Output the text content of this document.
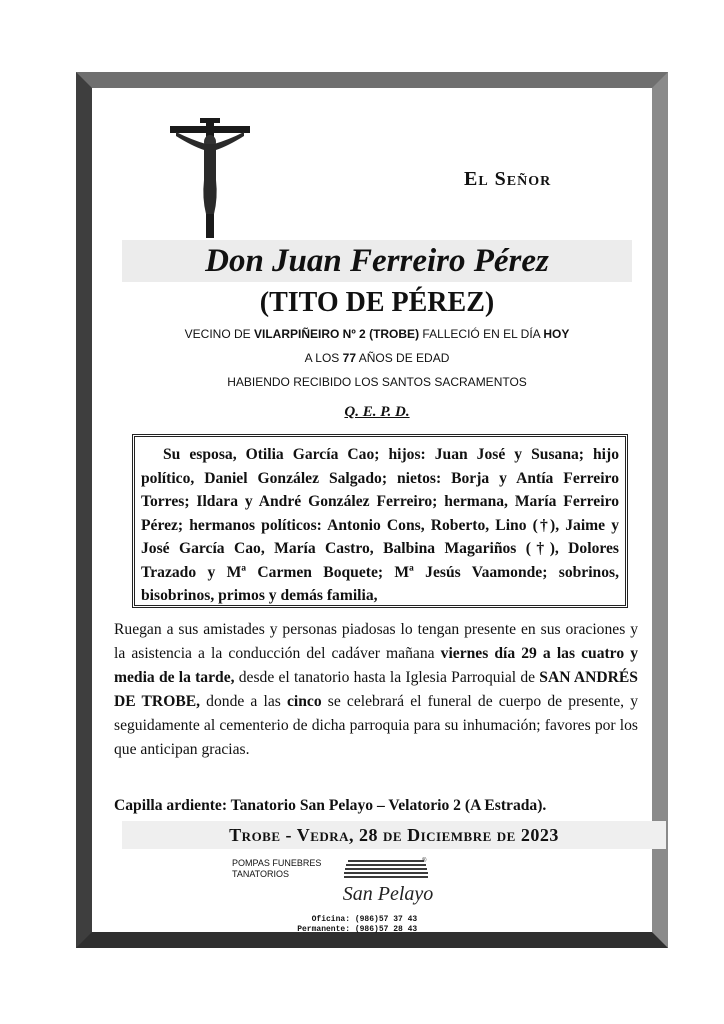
El Señor
Don Juan Ferreiro Pérez
(TITO DE PÉREZ)
VECINO DE VILARPIÑEIRO Nº 2 (TROBE) FALLECIÓ EN EL DÍA HOY
A LOS 77 AÑOS DE EDAD
HABIENDO RECIBIDO LOS SANTOS SACRAMENTOS
Q. E. P. D.
Su esposa, Otilia García Cao; hijos: Juan José y Susana; hijo político, Daniel González Salgado; nietos: Borja y Antía Ferreiro Torres; Ildara y André González Ferreiro; hermana, María Ferreiro Pérez; hermanos políticos: Antonio Cons, Roberto, Lino (†), Jaime y José García Cao, María Castro, Balbina Magariños (†), Dolores Trazado y Mª Carmen Boquete; Mª Jesús Vaamonde; sobrinos, bisobrinos, primos y demás familia,
Ruegan a sus amistades y personas piadosas lo tengan presente en sus oraciones y la asistencia a la conducción del cadáver mañana viernes día 29 a las cuatro y media de la tarde, desde el tanatorio hasta la Iglesia Parroquial de SAN ANDRÉS DE TROBE, donde a las cinco se celebrará el funeral de cuerpo de presente, y seguidamente al cementerio de dicha parroquia para su inhumación; favores por los que anticipan gracias.
Capilla ardiente: Tanatorio San Pelayo – Velatorio 2 (A Estrada).
Trobe - Vedra, 28 de Diciembre de 2023
POMPAS FUNEBRES
TANATORIOS
®
San Pelayo
Oficina: (986)57 37 43
Permanente: (986)57 28 43
